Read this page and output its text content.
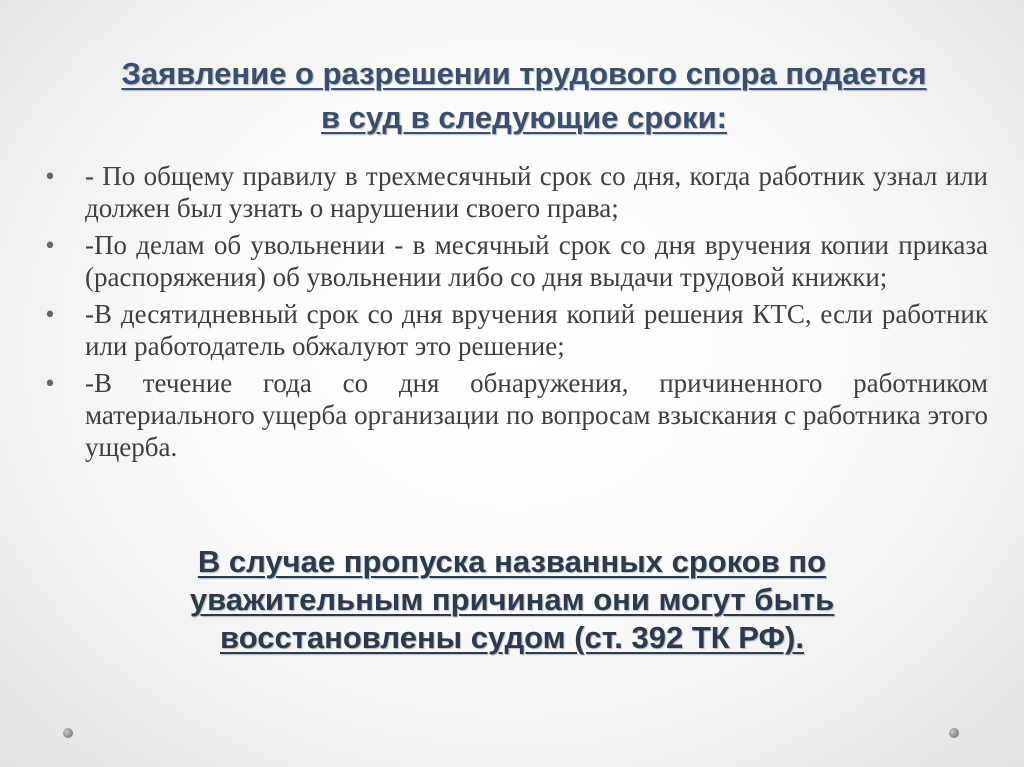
Заявление о разрешении трудового спора подается
в суд в следующие сроки:
• - По общему правилу в трехмесячный срок со дня, когда работник узнал или должен был узнать о нарушении своего права;
• -По делам об увольнении - в месячный срок со дня вручения копии приказа (распоряжения) об увольнении либо со дня выдачи трудовой книжки;
• -В десятидневный срок со дня вручения копий решения КТС, если работник или работодатель обжалуют это решение;
• -В течение года со дня обнаружения, причиненного работником материального ущерба организации по вопросам взыскания с работника этого ущерба.
В случае пропуска названных сроков по
уважительным причинам они могут быть
восстановлены судом (ст. 392 ТК РФ).
